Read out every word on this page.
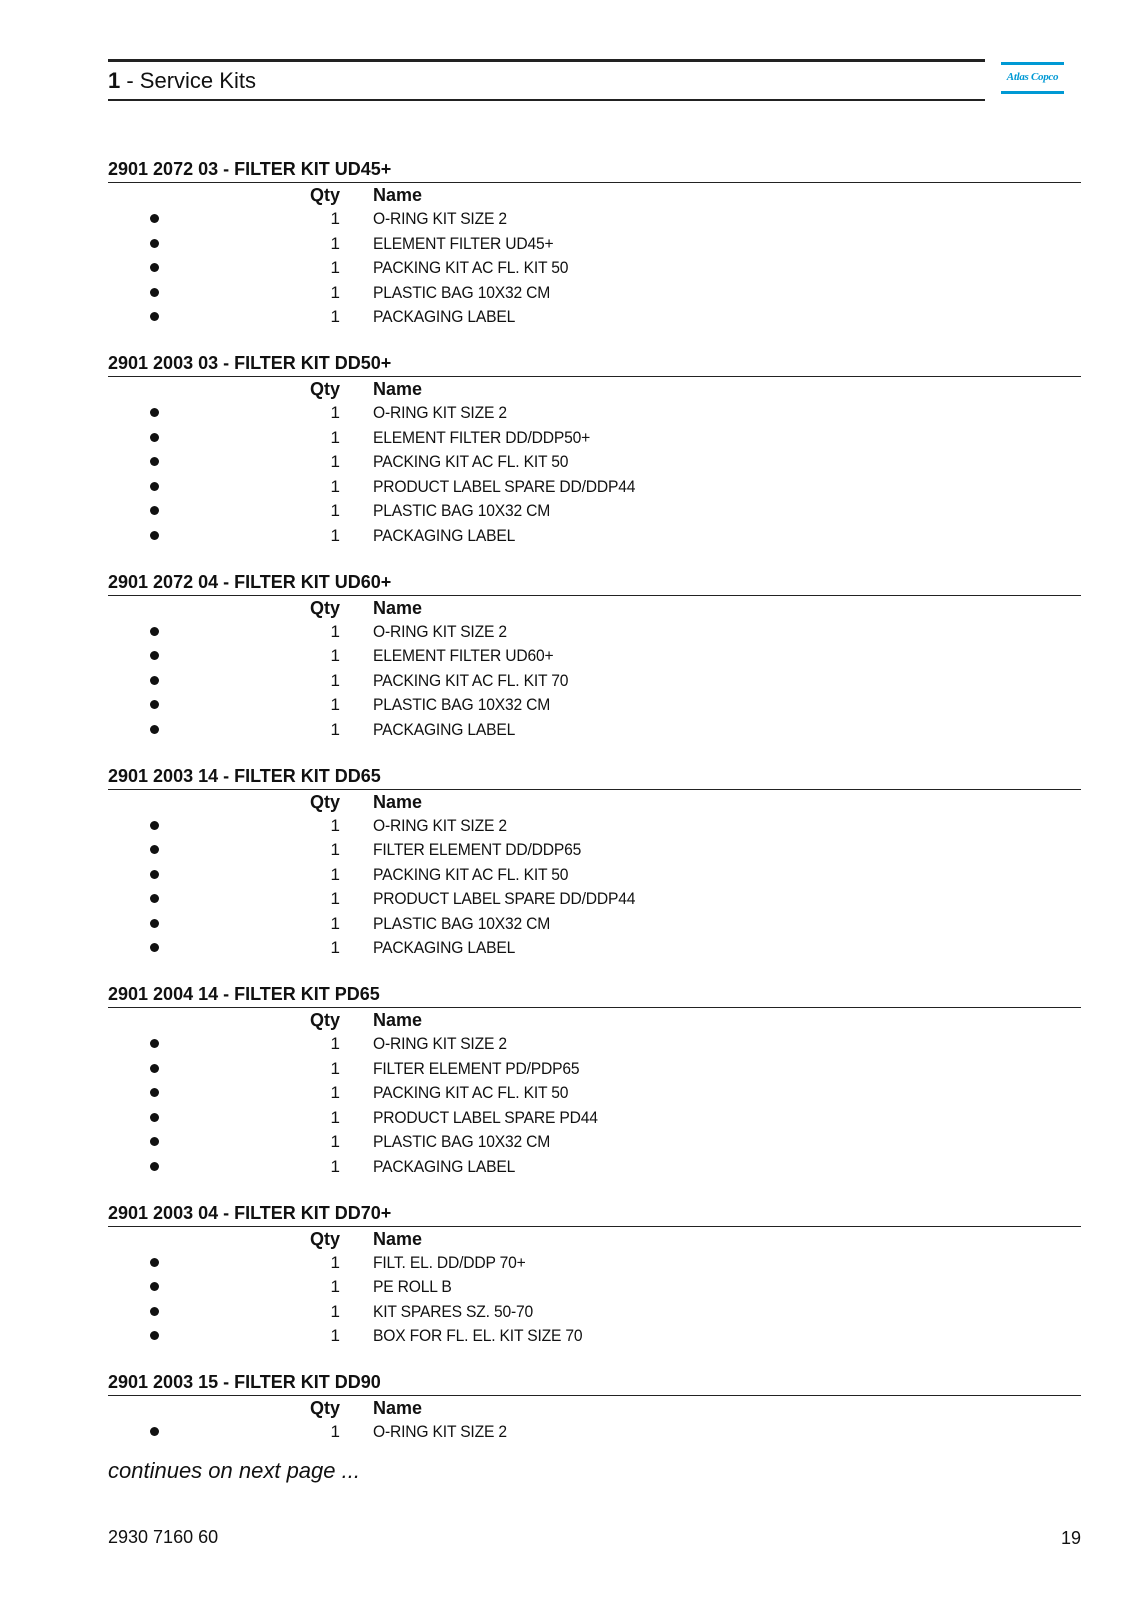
1 - Service Kits	Atlas Copco
2901 2072 03 - FILTER KIT UD45+
Qty Name
1 O-RING KIT SIZE 2
1 ELEMENT FILTER UD45+
1 PACKING KIT AC FL. KIT 50
1 PLASTIC BAG 10X32 CM
1 PACKAGING LABEL
2901 2003 03 - FILTER KIT DD50+
Qty Name
1 O-RING KIT SIZE 2
1 ELEMENT FILTER DD/DDP50+
1 PACKING KIT AC FL. KIT 50
1 PRODUCT LABEL SPARE DD/DDP44
1 PLASTIC BAG 10X32 CM
1 PACKAGING LABEL
2901 2072 04 - FILTER KIT UD60+
Qty Name
1 O-RING KIT SIZE 2
1 ELEMENT FILTER UD60+
1 PACKING KIT AC FL. KIT 70
1 PLASTIC BAG 10X32 CM
1 PACKAGING LABEL
2901 2003 14 - FILTER KIT DD65
Qty Name
1 O-RING KIT SIZE 2
1 FILTER ELEMENT DD/DDP65
1 PACKING KIT AC FL. KIT 50
1 PRODUCT LABEL SPARE DD/DDP44
1 PLASTIC BAG 10X32 CM
1 PACKAGING LABEL
2901 2004 14 - FILTER KIT PD65
Qty Name
1 O-RING KIT SIZE 2
1 FILTER ELEMENT PD/PDP65
1 PACKING KIT AC FL. KIT 50
1 PRODUCT LABEL SPARE PD44
1 PLASTIC BAG 10X32 CM
1 PACKAGING LABEL
2901 2003 04 - FILTER KIT DD70+
Qty Name
1 FILT. EL. DD/DDP 70+
1 PE ROLL B
1 KIT SPARES SZ. 50-70
1 BOX FOR FL. EL. KIT SIZE 70
2901 2003 15 - FILTER KIT DD90
Qty Name
1 O-RING KIT SIZE 2
continues on next page ...
2930 7160 60	19
